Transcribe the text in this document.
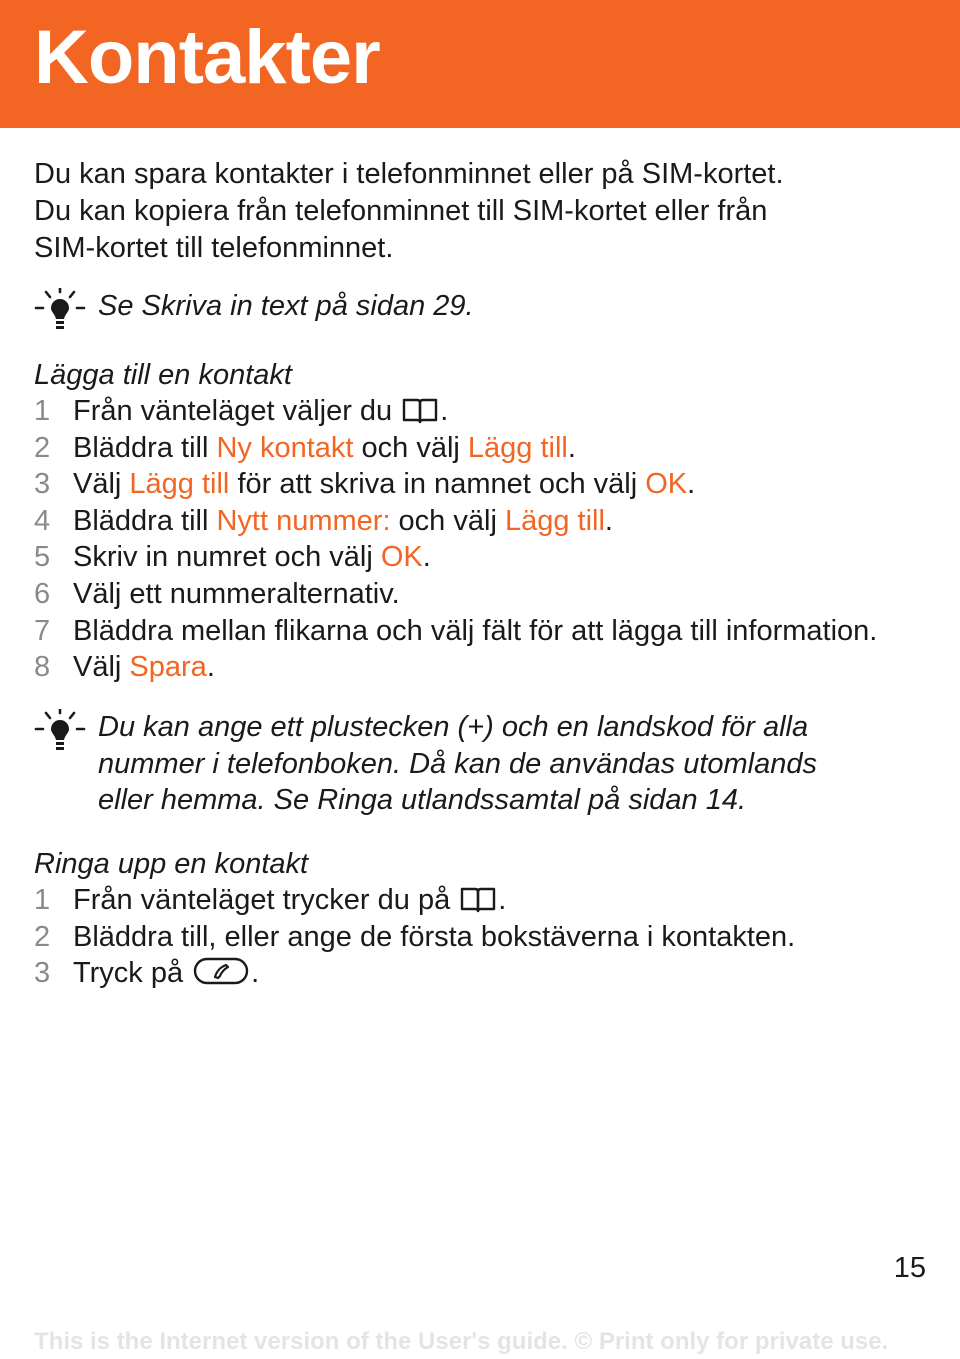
Kontakter
Du kan spara kontakter i telefonminnet eller på SIM-kortet.
Du kan kopiera från telefonminnet till SIM-kortet eller från
SIM-kortet till telefonminnet.
Se Skriva in text på sidan 29.
Lägga till en kontakt
1 Från vänteläget väljer du .
2 Bläddra till Ny kontakt och välj Lägg till.
3 Välj Lägg till för att skriva in namnet och välj OK.
4 Bläddra till Nytt nummer: och välj Lägg till.
5 Skriv in numret och välj OK.
6 Välj ett nummeralternativ.
7 Bläddra mellan flikarna och välj fält för att lägga till information.
8 Välj Spara.
Du kan ange ett plustecken (+) och en landskod för alla
nummer i telefonboken. Då kan de användas utomlands
eller hemma. Se Ringa utlandssamtal på sidan 14.
Ringa upp en kontakt
1 Från vänteläget trycker du på .
2 Bläddra till, eller ange de första bokstäverna i kontakten.
3 Tryck på .
15
This is the Internet version of the User's guide. © Print only for private use.
